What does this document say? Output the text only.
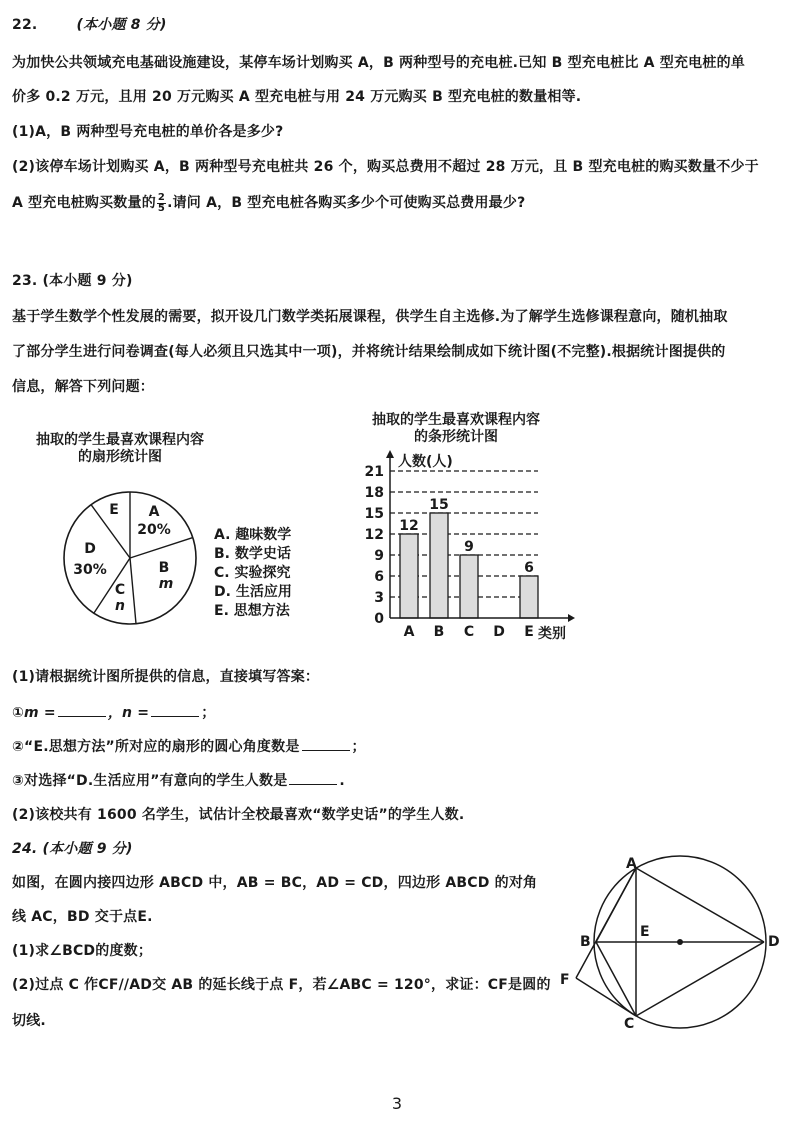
22.	(本小题 8 分)
为加快公共领域充电基础设施建设，某停车场计划购买 A，B 两种型号的充电桩.已知 B 型充电桩比 A 型充电桩的单
价多 0.2 万元，且用 20 万元购买 A 型充电桩与用 24 万元购买 B 型充电桩的数量相等.
(1)A，B 两种型号充电桩的单价各是多少?
(2)该停车场计划购买 A，B 两种型号充电桩共 26 个，购买总费用不超过 28 万元，且 B 型充电桩的购买数量不少于
A 型充电桩购买数量的 $\frac{2}{5}$ .请问 A，B 型充电桩各购买多少个可使购买总费用最少?
23. (本小题 9 分)
基于学生数学个性发展的需要，拟开设几门数学类拓展课程，供学生自主选修.为了解学生选修课程意向，随机抽取
了部分学生进行问卷调查(每人必须且只选其中一项)，并将统计结果绘制成如下统计图(不完整).根据统计图提供的
信息，解答下列问题：
抽取的学生最喜欢课程内容
的扇形统计图
A
20%
B
m
C
n
D
30%
E
A. 趣味数学
B. 数学史话
C. 实验探究
D. 生活应用
E. 思想方法
抽取的学生最喜欢课程内容
的条形统计图
12
15
9
6
0
3
6
9
12
15
18
21
A B C D E
人数(人)
类别
(1)请根据统计图所提供的信息，直接填写答案：
①m =	，n =	；
②“E.思想方法”所对应的扇形的圆心角度数是	；
③对选择“D.生活应用”有意向的学生人数是	.
(2)该校共有 1600 名学生，试估计全校最喜欢“数学史话”的学生人数.
24. (本小题 9 分)
如图，在圆内接四边形 ABCD 中，AB = BC，AD = CD，四边形 ABCD 的对角
线 AC，BD 交于点E.
(1)求∠BCD的度数；
(2)过点 C 作CF//AD交 AB 的延长线于点 F，若∠ABC = 120°，求证：CF是圆的
切线.
A
B
C
D
E
F
3
